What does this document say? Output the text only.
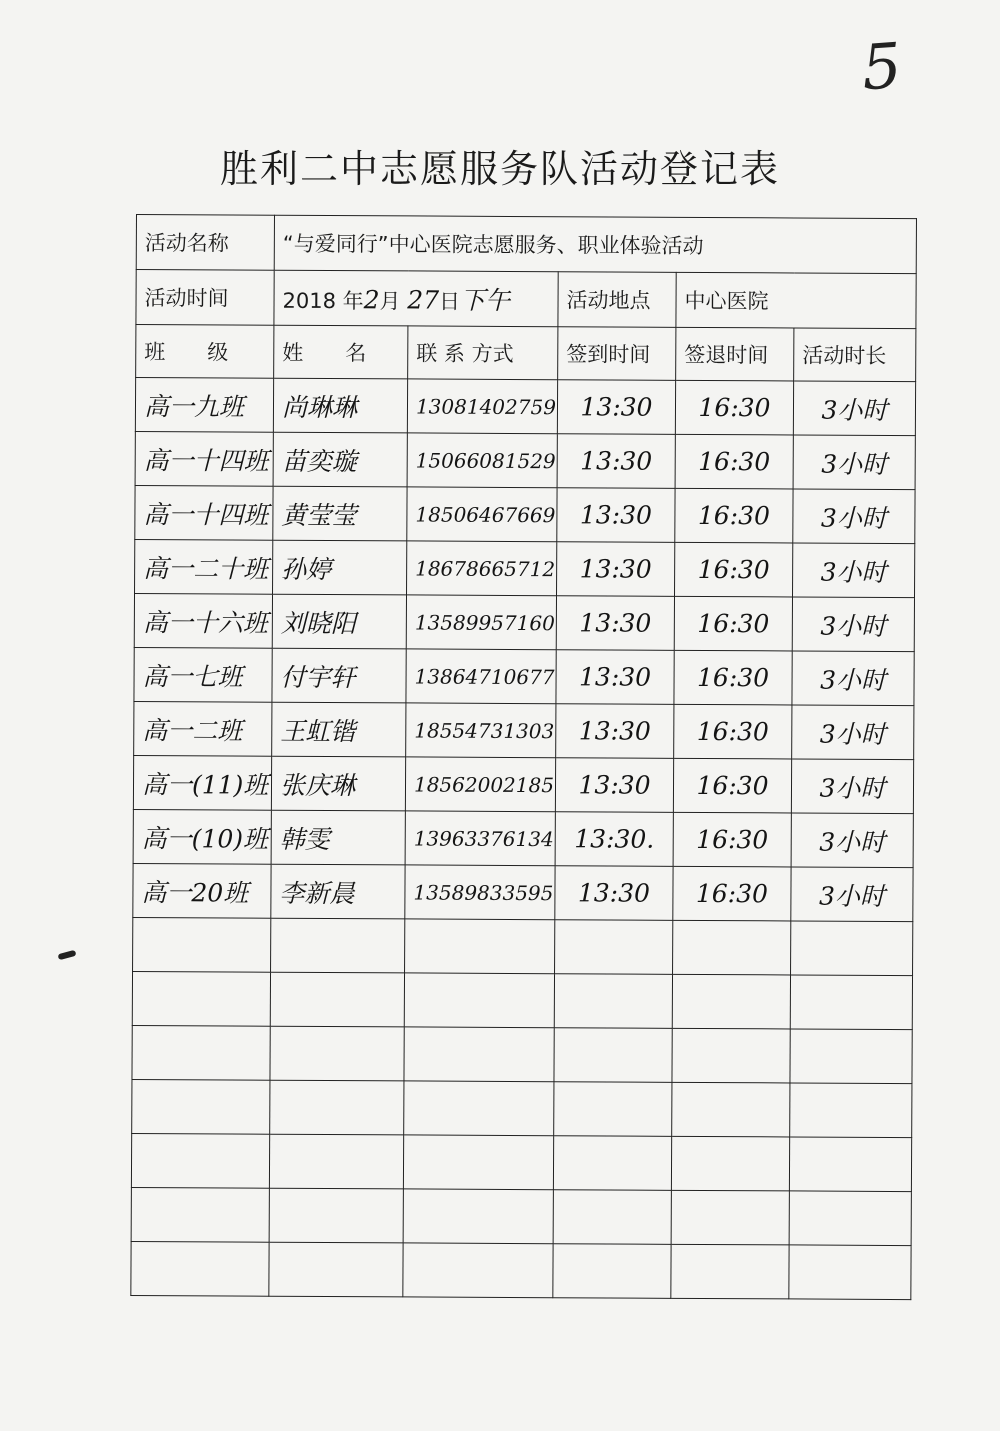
5
胜利二中志愿服务队活动登记表
活动名称	“与爱同行”中心医院志愿服务、职业体验活动				
活动时间	2018 年2月 27日下午		活动地点	中心医院	
班　　级	姓　　名	联 系 方式	签到时间	签退时间	活动时长
高一九班	尚琳琳	13081402759	13:30	16:30	3小时
高一十四班	苗奕璇	15066081529	13:30	16:30	3小时
高一十四班	黄莹莹	18506467669	13:30	16:30	3小时
高一二十班	孙婷	18678665712	13:30	16:30	3小时
高一十六班	刘晓阳	13589957160	13:30	16:30	3小时
高一七班	付宇轩	13864710677	13:30	16:30	3小时
高一二班	王虹锴	18554731303	13:30	16:30	3小时
高一(11)班	张庆琳	18562002185	13:30	16:30	3小时
高一(10)班	韩雯	13963376134	13:30.	16:30	3小时
高一20班	李新晨	13589833595	13:30	16:30	3小时
